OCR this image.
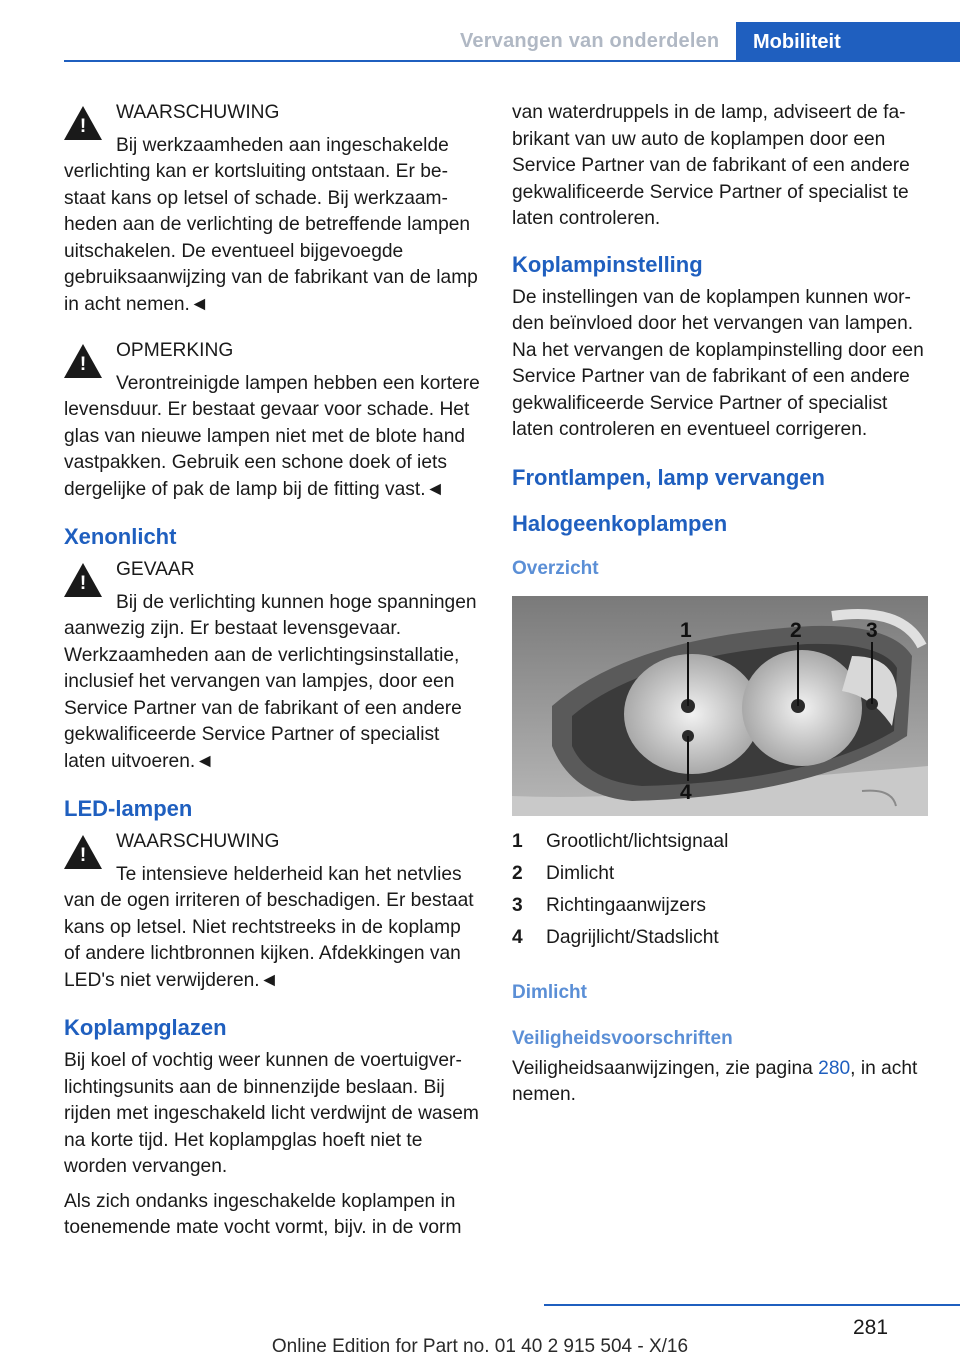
Vervangen van onderdelen	Mobiliteit
!
WAARSCHUWING
Bij werkzaamheden aan ingeschakelde verlichting kan er kortsluiting ontstaan. Er bestaat kans op letsel of schade. Bij werkzaamheden aan de verlichting de betreffende lampen uitschakelen. De eventueel bijgevoegde gebruiksaanwijzing van de fabrikant van de lamp in acht nemen.◄
!
OPMERKING
Verontreinigde lampen hebben een kortere levensduur. Er bestaat gevaar voor schade. Het glas van nieuwe lampen niet met de blote hand vastpakken. Gebruik een schone doek of iets dergelijke of pak de lamp bij de fitting vast.◄
Xenonlicht
!
GEVAAR
Bij de verlichting kunnen hoge spanningen aanwezig zijn. Er bestaat levensgevaar. Werkzaamheden aan de verlichtingsinstallatie, inclusief het vervangen van lampjes, door een Service Partner van de fabrikant of een andere gekwalificeerde Service Partner of specialist laten uitvoeren.◄
LED-lampen
!
WAARSCHUWING
Te intensieve helderheid kan het netvlies van de ogen irriteren of beschadigen. Er bestaat kans op letsel. Niet rechtstreeks in de koplamp of andere lichtbronnen kijken. Afdekkingen van LED's niet verwijderen.◄
Koplampglazen

Bij koel of vochtig weer kunnen de voertuigverlichtingsunits aan de binnenzijde beslaan. Bij rijden met ingeschakeld licht verdwijnt de wasem na korte tijd. Het koplampglas hoeft niet te worden vervangen.

Als zich ondanks ingeschakelde koplampen in toenemende mate vocht vormt, bijv. in de vorm

van waterdruppels in de lamp, adviseert de fabrikant van uw auto de koplampen door een Service Partner van de fabrikant of een andere gekwalificeerde Service Partner of specialist te laten controleren.

Koplampinstelling

De instellingen van de koplampen kunnen worden beïnvloed door het vervangen van lampen. Na het vervangen de koplampinstelling door een Service Partner van de fabrikant of een andere gekwalificeerde Service Partner of specialist laten controleren en eventueel corrigeren.

Frontlampen, lamp vervangen
Halogeenkoplampen
Overzicht
1	2	3
4
1	Grootlicht/lichtsignaal
2	Dimlicht
3	Richtingaanwijzers
4	Dagrijlicht/Stadslicht
Dimlicht
Veiligheidsvoorschriften

Veiligheidsaanwijzingen, zie pagina 280, in acht nemen.

281
Online Edition for Part no. 01 40 2 915 504 - X/16
